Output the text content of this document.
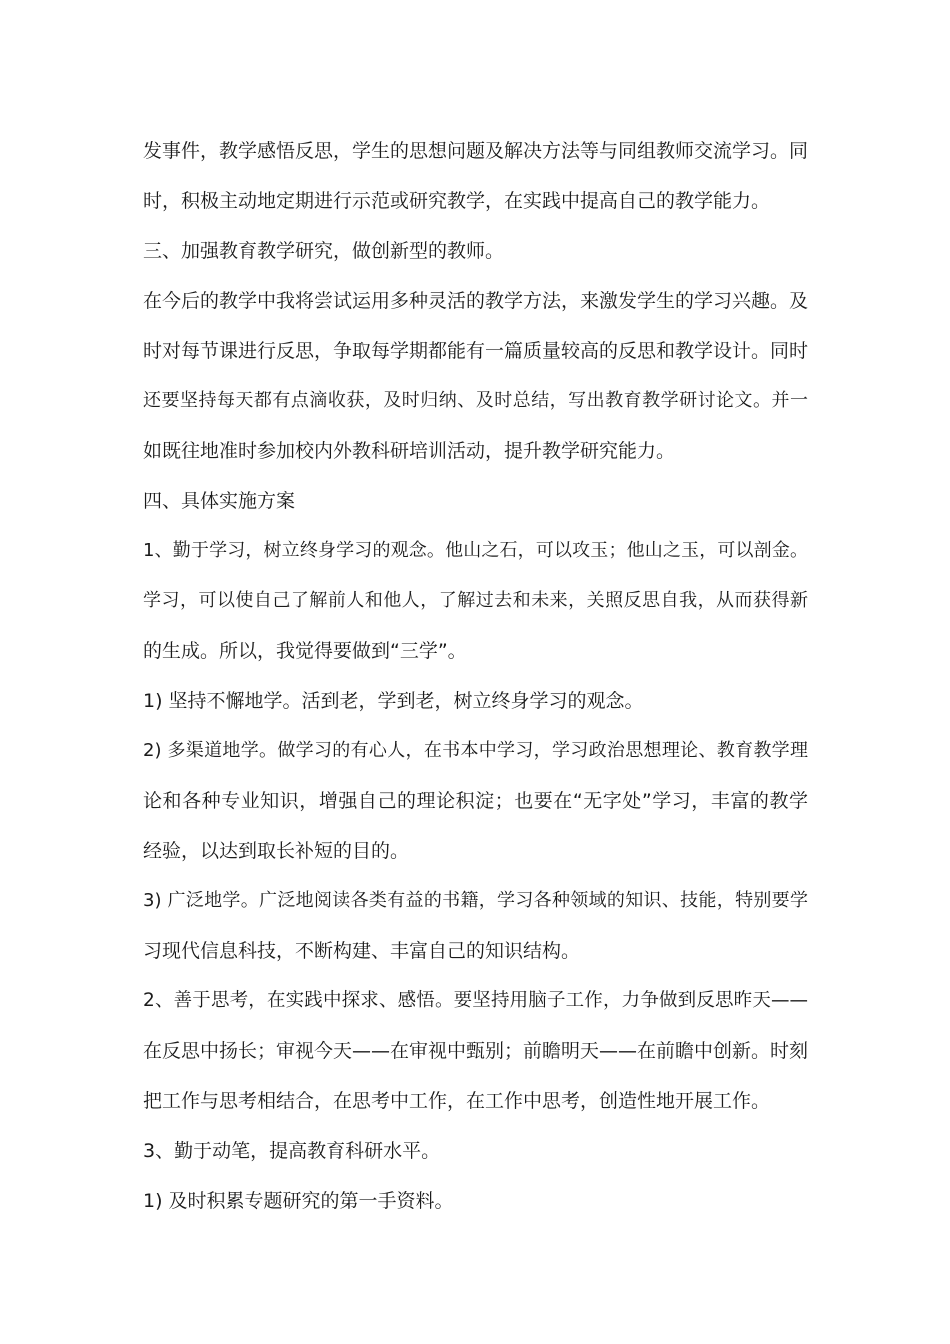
发事件，教学感悟反思，学生的思想问题及解决方法等与同组教师交流学习。同
时，积极主动地定期进行示范或研究教学，在实践中提高自己的教学能力。
三、加强教育教学研究，做创新型的教师。
在今后的教学中我将尝试运用多种灵活的教学方法，来激发学生的学习兴趣。及
时对每节课进行反思，争取每学期都能有一篇质量较高的反思和教学设计。同时
还要坚持每天都有点滴收获，及时归纳、及时总结，写出教育教学研讨论文。并一
如既往地准时参加校内外教科研培训活动，提升教学研究能力。
四、具体实施方案
1、勤于学习，树立终身学习的观念。他山之石，可以攻玉；他山之玉，可以剖金。
学习，可以使自己了解前人和他人，了解过去和未来，关照反思自我，从而获得新
的生成。所以，我觉得要做到“三学”。
1) 坚持不懈地学。活到老，学到老，树立终身学习的观念。
2) 多渠道地学。做学习的有心人，在书本中学习，学习政治思想理论、教育教学理
论和各种专业知识，增强自己的理论积淀；也要在“无字处”学习，丰富的教学
经验，以达到取长补短的目的。
3) 广泛地学。广泛地阅读各类有益的书籍，学习各种领域的知识、技能，特别要学
习现代信息科技，不断构建、丰富自己的知识结构。
2、善于思考，在实践中探求、感悟。要坚持用脑子工作，力争做到反思昨天——
在反思中扬长；审视今天——在审视中甄别；前瞻明天——在前瞻中创新。时刻
把工作与思考相结合，在思考中工作，在工作中思考，创造性地开展工作。
3、勤于动笔，提高教育科研水平。
1) 及时积累专题研究的第一手资料。
